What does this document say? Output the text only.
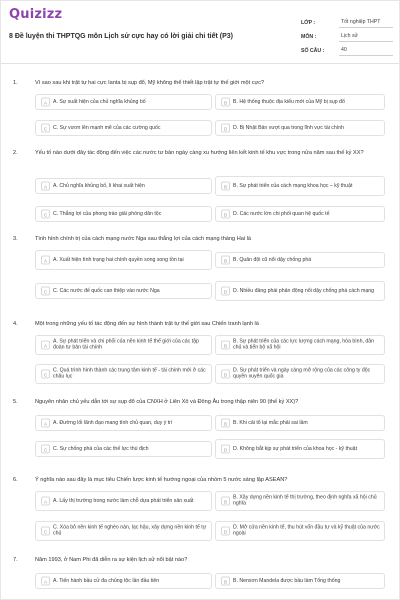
Quizizz
8 Đề luyện thi THPTQG môn Lịch sử cực hay có lời giải chi tiết (P3)
LỚP :	Tốt nghiệp THPT
MÔN :	Lịch sử
SỐ CÂU :	40
1.	Vì sao sau khi trật tự hai cực Ianta bị sụp đổ, Mỹ không thể thiết lập trật tự thế giới một cực?
A	A. Sự xuất hiện của chủ nghĩa khủng bố	B	B. Hệ thống thuộc địa kiểu mới của Mỹ bị sụp đổ
C	C. Sự vươn lên mạnh mẽ của các cường quốc	D	D. Bị Nhật Bản vượt qua trong lĩnh vực tài chính
2.	Yếu tố nào dưới đây tác động đến việc các nước tư bản ngày càng xu hướng liên kết kinh tế khu vực trong nửa năm sau thế kỷ XX?
A	A. Chủ nghĩa khủng bố, li khai xuất hiện	B	B. Sự phát triển của cách mạng khoa học – kỹ thuật
C	C. Thắng lợi của phong trào giải phóng dân tộc	D	D. Các nước lớn chi phối quan hệ quốc tế
3.	Tình hình chính trị của cách mạng nước Nga sau thắng lợi của cách mạng tháng Hai là
A	A. Xuất hiện tình trạng hai chính quyền song song tồn tại	B	B. Quân đội cũ nổi dậy chống phá
C	C. Các nước đế quốc can thiệp vào nước Nga	D	D. Nhiều đảng phái phản động nổi dậy chống phá cách mạng
4.	Một trong những yếu tố tác động đến sự hình thành trật tự thế giới sau Chiến tranh lạnh là
A
A. Sự phát triển và chi phối của nền kinh tế thế giới của các tập đoàn tư bản tài chính	B
B. Sự phát triển của các lực lượng cách mạng, hòa bình, dân chủ và tiến bộ xã hội
C
C. Quá trình hình thành các trung tâm kinh tế - tài chính mới ở các châu lục	D
D. Sự phát triển và ngày càng mở rộng của các công ty độc quyền xuyên quốc gia
5.	Nguyên nhân chủ yếu dẫn tới sự sụp đổ của CNXH ở Liên Xô và Đông Âu trong thập niên 90 (thế kỷ XX)?
A	A. Đường lối lãnh đạo mang tính chủ quan, duy ý trí	B	B. Khi cải tổ lại mắc phải sai lầm
C	C. Sự chống phá của các thế lực thù địch	D	D. Không bắt kịp sự phát triển của khoa học - kỹ thuật
6.	Ý nghĩa nào sau đây là mục tiêu Chiến lược kinh tế hướng ngoại của nhóm 5 nước sáng lập ASEAN?
A	A. Lấy thị trường trong nước làm chỗ dựa phát triển sản xuất	B
B. Xây dựng nền kinh tế thị trường, theo định nghĩa xã hội chủ nghĩa
C
C. Xóa bỏ nền kinh tế nghèo nàn, lạc hậu, xây dựng nền kinh tế tự chủ	D
D. Mở cửa nền kinh tế, thu hút vốn đầu tư và kỹ thuật của nước ngoài
7.	Năm 1993, ở Nam Phi đã diễn ra sự kiện lịch sử nổi bật nào?
A	A. Tiến hành bầu cử đa chủng tộc lần đầu tiên	B	B. Nenxơn Mandela được bầu làm Tổng thống
